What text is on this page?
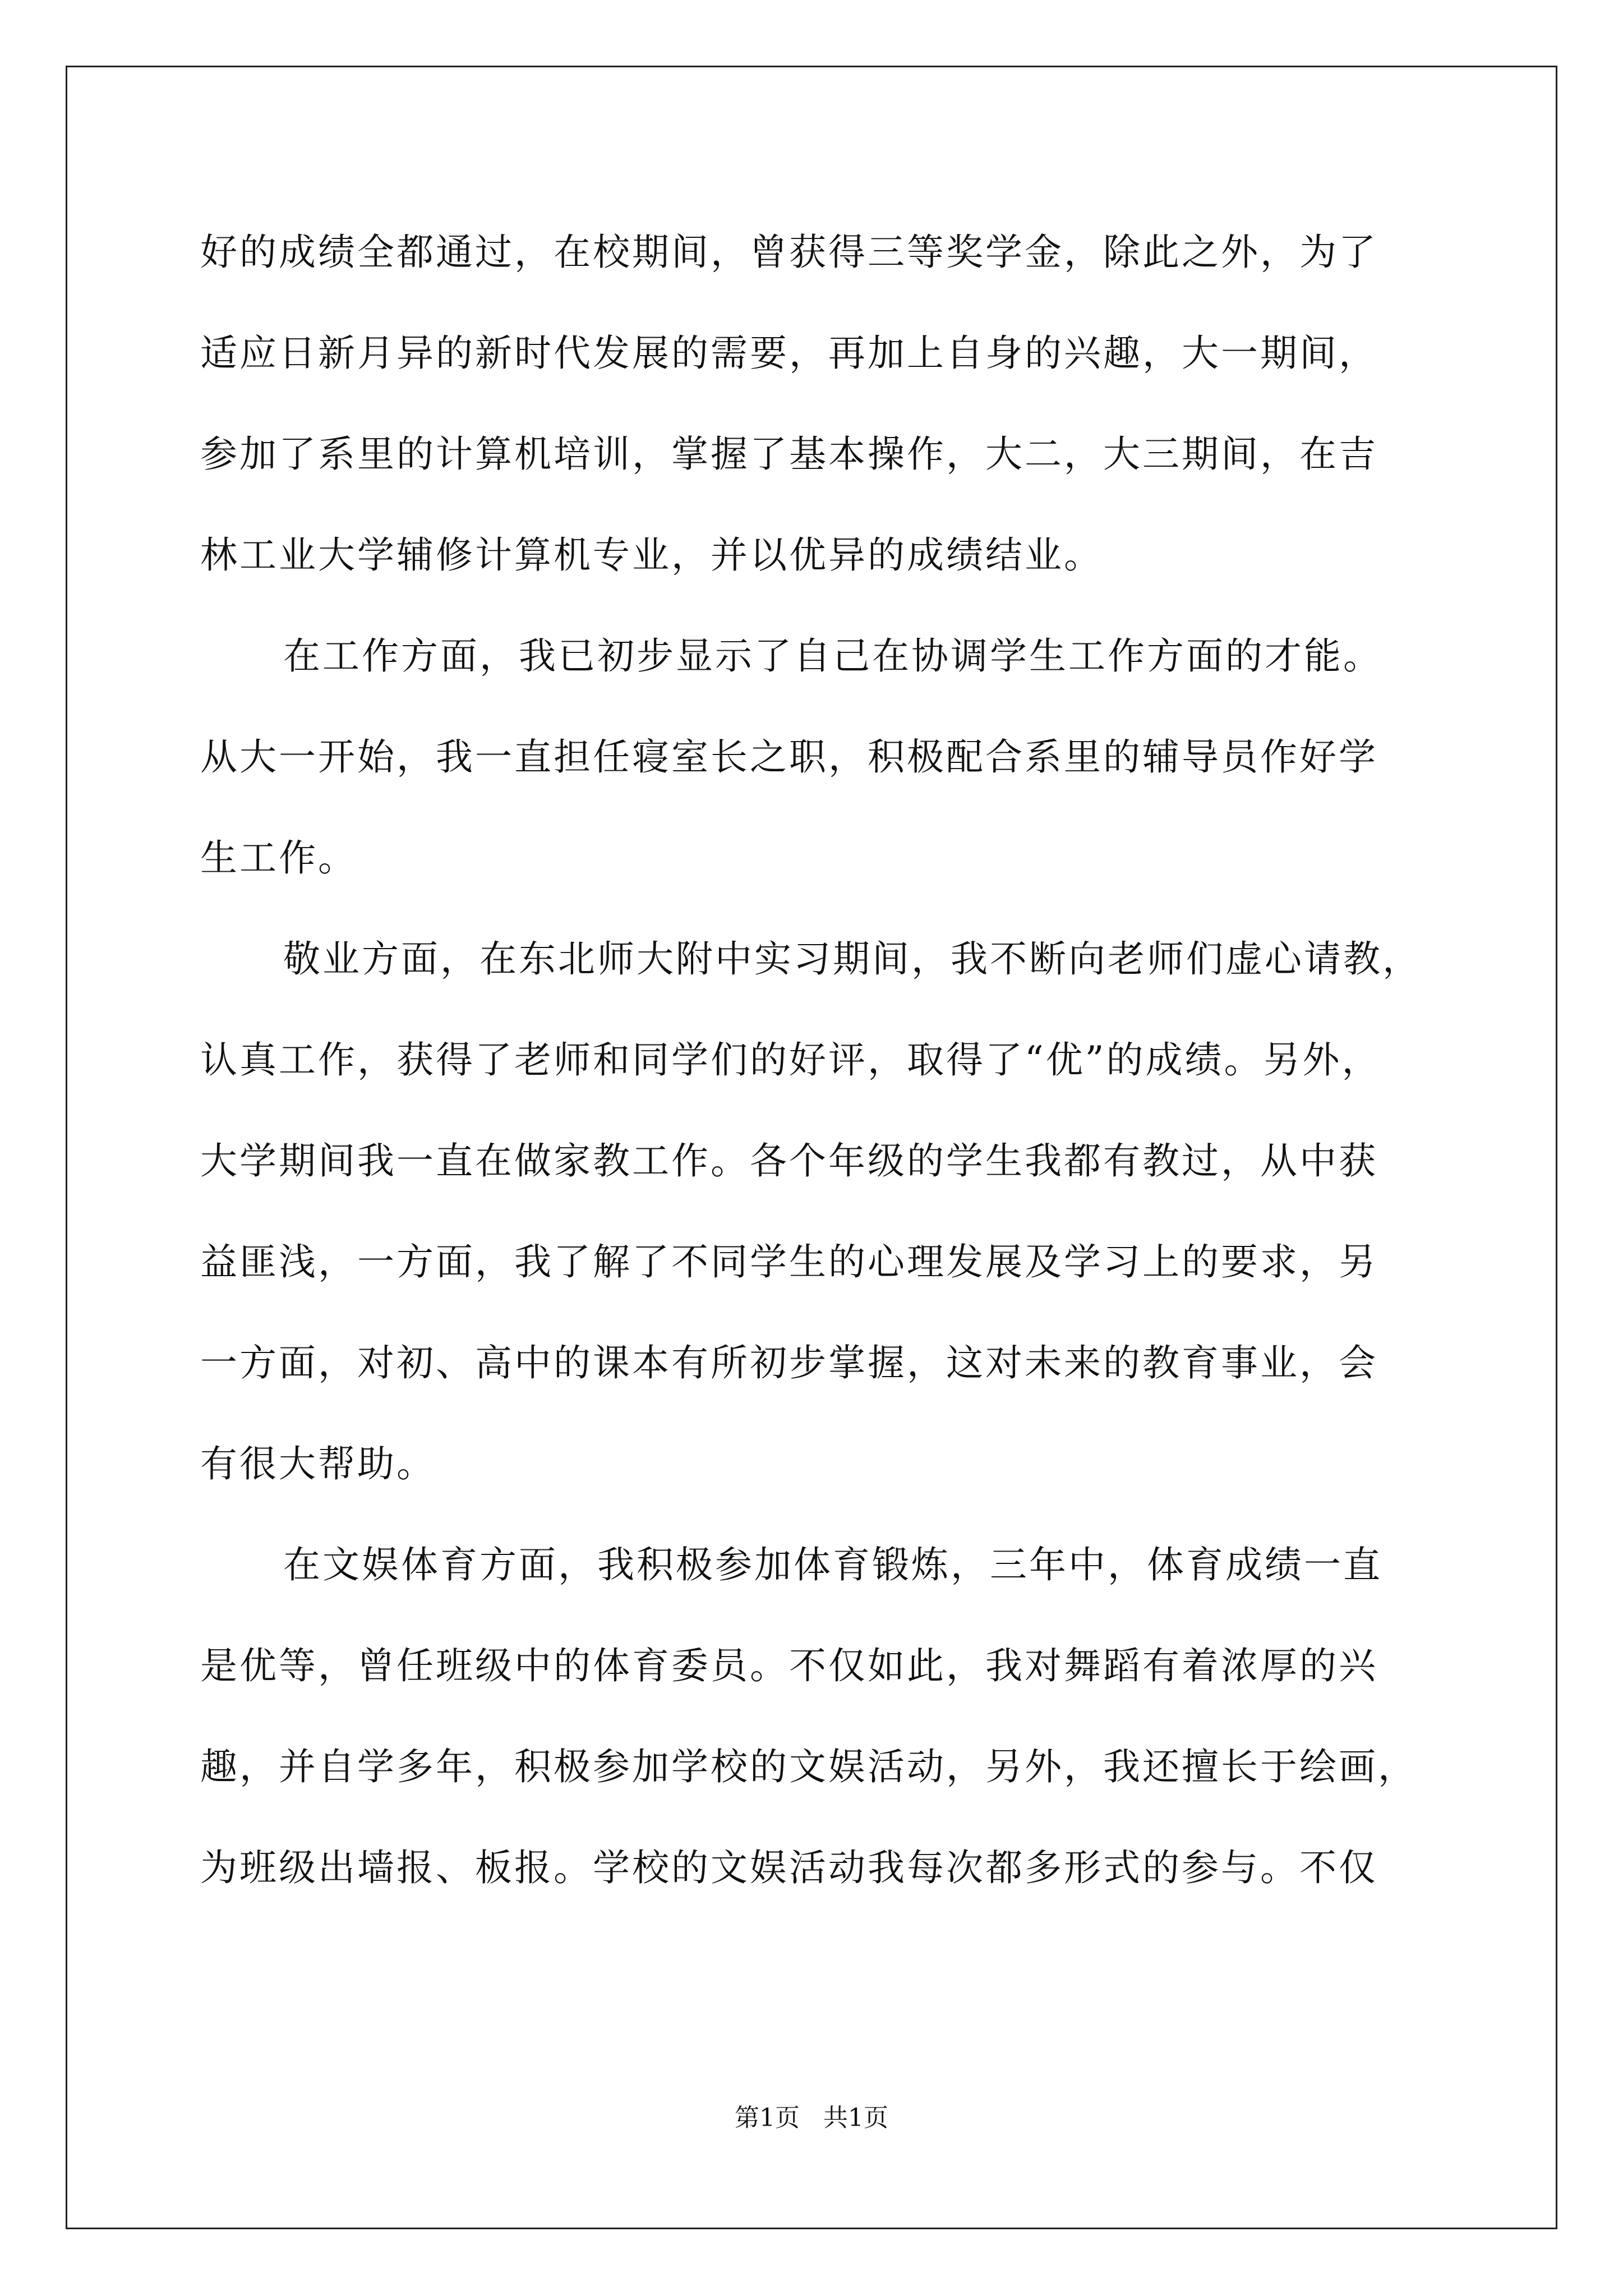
好的成绩全都通过，在校期间，曾获得三等奖学金，除此之外，为了
适应日新月异的新时代发展的需要，再加上自身的兴趣，大一期间，
参加了系里的计算机培训，掌握了基本操作，大二，大三期间，在吉
林工业大学辅修计算机专业，并以优异的成绩结业。
在工作方面，我已初步显示了自己在协调学生工作方面的才能。
从大一开始，我一直担任寝室长之职，积极配合系里的辅导员作好学
生工作。
敬业方面，在东北师大附中实习期间，我不断向老师们虚心请教，
认真工作，获得了老师和同学们的好评，取得了“优”的成绩。另外，
大学期间我一直在做家教工作。各个年级的学生我都有教过，从中获
益匪浅，一方面，我了解了不同学生的心理发展及学习上的要求，另
一方面，对初、高中的课本有所初步掌握，这对未来的教育事业，会
有很大帮助。
在文娱体育方面，我积极参加体育锻炼，三年中，体育成绩一直
是优等，曾任班级中的体育委员。不仅如此，我对舞蹈有着浓厚的兴
趣，并自学多年，积极参加学校的文娱活动，另外，我还擅长于绘画，
为班级出墙报、板报。学校的文娱活动我每次都多形式的参与。不仅
第1页   共1页
